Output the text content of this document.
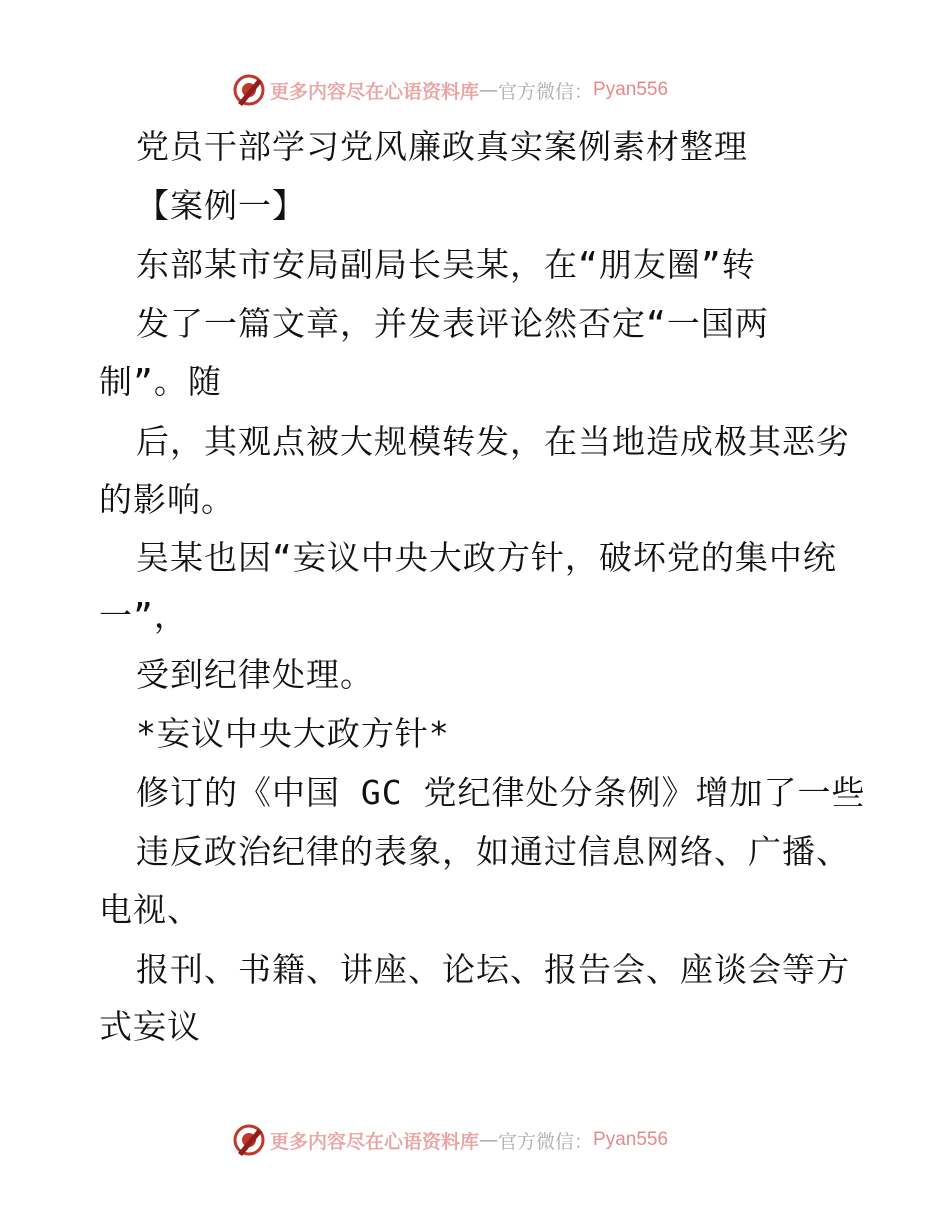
更多内容尽在心语资料库 — 官方微信： Pyan556

党员干部学习党风廉政真实案例素材整理

【案例一】

东部某市安局副局长吴某，在“朋友圈”转

发了一篇文章，并发表评论然否定“一国两

制”。随

后，其观点被大规模转发，在当地造成极其恶劣

的影响。

吴某也因“妄议中央大政方针，破坏党的集中统

一”，

受到纪律处理。

*妄议中央大政方针*

修订的《中国 GC 党纪律处分条例》增加了一些

违反政治纪律的表象，如通过信息网络、广播、

电视、

报刊、书籍、讲座、论坛、报告会、座谈会等方

式妄议

更多内容尽在心语资料库 — 官方微信： Pyan556
